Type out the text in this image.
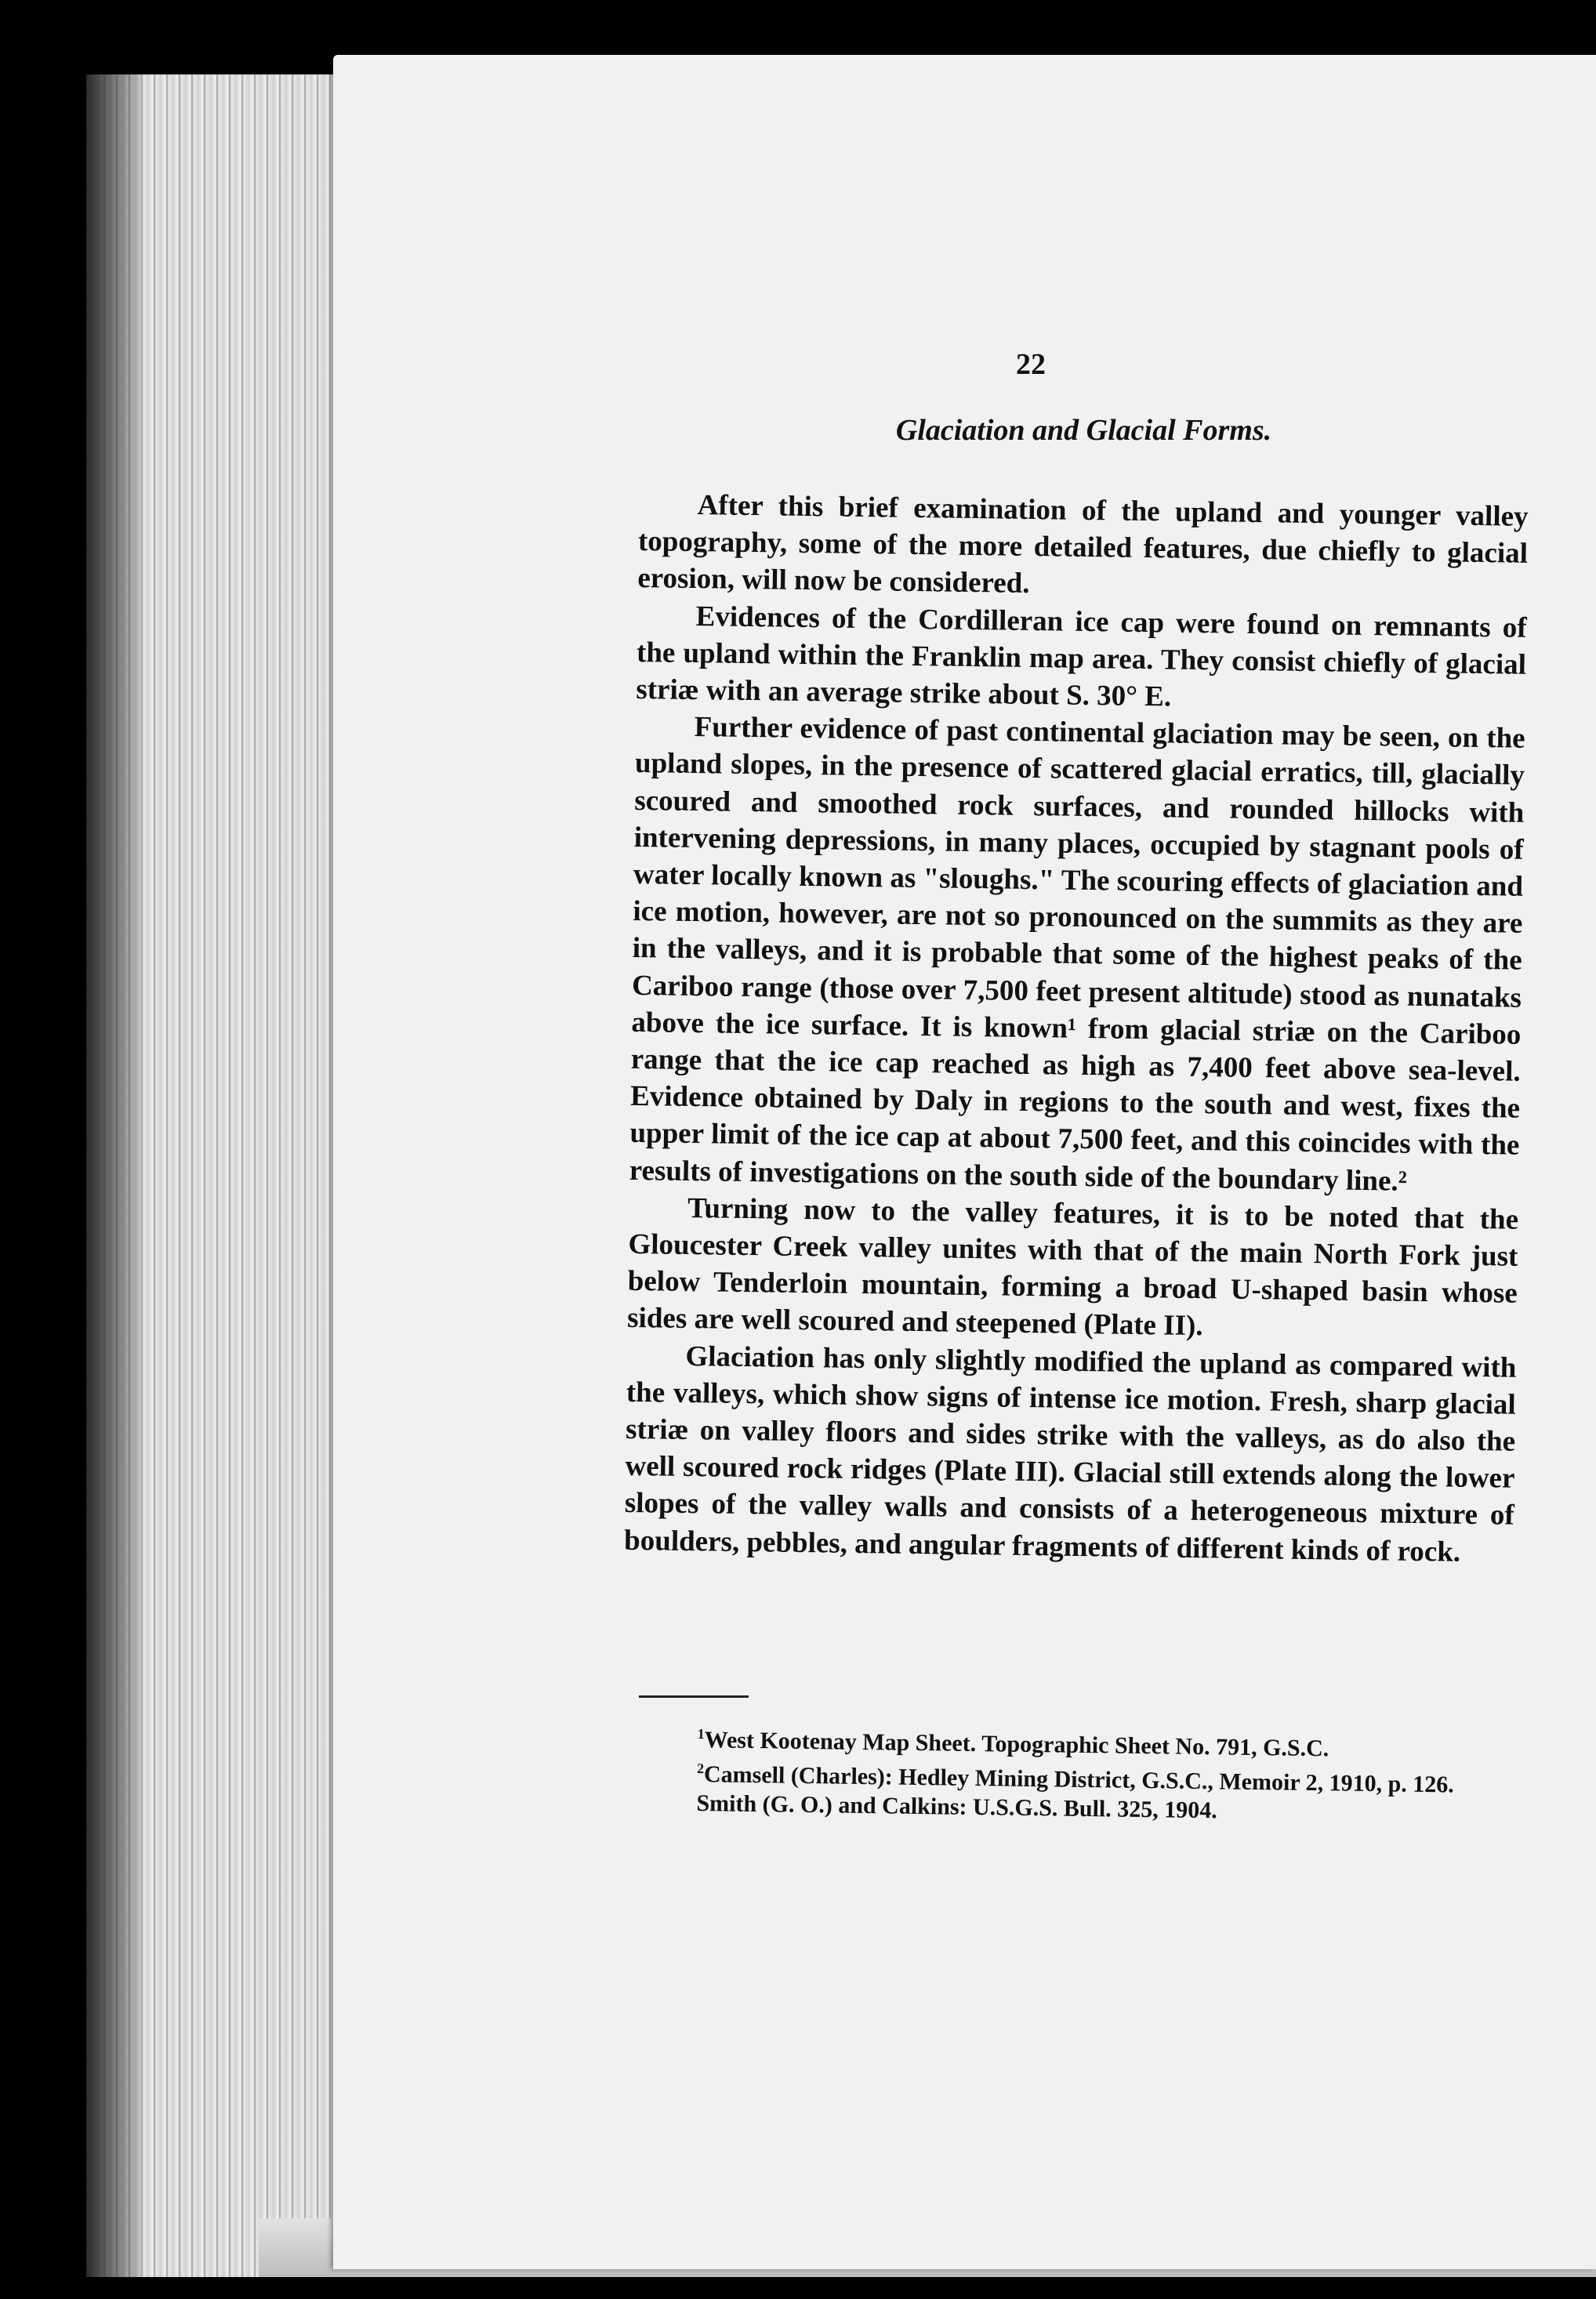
22
Glaciation and Glacial Forms.

After this brief examination of the upland and younger valley topography, some of the more detailed features, due chiefly to glacial erosion, will now be considered.

Evidences of the Cordilleran ice cap were found on remnants of the upland within the Franklin map area. They consist chiefly of glacial striæ with an average strike about S. 30° E.

Further evidence of past continental glaciation may be seen, on the upland slopes, in the presence of scattered glacial erratics, till, glacially scoured and smoothed rock surfaces, and rounded hillocks with intervening depressions, in many places, occupied by stagnant pools of water locally known as "sloughs." The scouring effects of glaciation and ice motion, however, are not so pronounced on the summits as they are in the valleys, and it is probable that some of the highest peaks of the Cariboo range (those over 7,500 feet present altitude) stood as nunataks above the ice surface. It is known¹ from glacial striæ on the Cariboo range that the ice cap reached as high as 7,400 feet above sea-level. Evidence obtained by Daly in regions to the south and west, fixes the upper limit of the ice cap at about 7,500 feet, and this coincides with the results of investigations on the south side of the boundary line.²

Turning now to the valley features, it is to be noted that the Gloucester Creek valley unites with that of the main North Fork just below Tenderloin mountain, forming a broad U-shaped basin whose sides are well scoured and steepened (Plate II).

Glaciation has only slightly modified the upland as compared with the valleys, which show signs of intense ice motion. Fresh, sharp glacial striæ on valley floors and sides strike with the valleys, as do also the well scoured rock ridges (Plate III). Glacial still extends along the lower slopes of the valley walls and consists of a heterogeneous mixture of boulders, pebbles, and angular fragments of different kinds of rock.

$^1$West Kootenay Map Sheet. Topographic Sheet No. 791, G.S.C.

$^2$Camsell (Charles): Hedley Mining District, G.S.C., Memoir 2, 1910, p. 126.

Smith (G. O.) and Calkins: U.S.G.S. Bull. 325, 1904.
